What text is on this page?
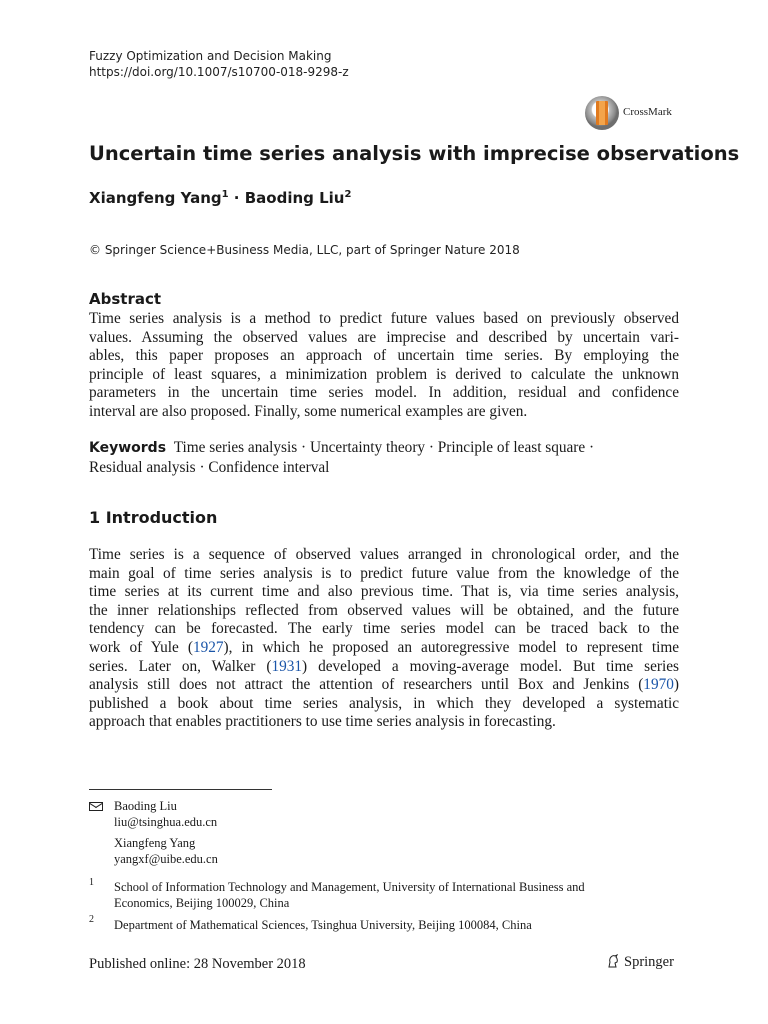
Fuzzy Optimization and Decision Making
https://doi.org/10.1007/s10700-018-9298-z
CrossMark
Uncertain time series analysis with imprecise observations
Xiangfeng Yang$^1$ · Baoding Liu$^2$
© Springer Science+Business Media, LLC, part of Springer Nature 2018
Abstract
Time series analysis is a method to predict future values based on previously observed
values. Assuming the observed values are imprecise and described by uncertain vari-
ables, this paper proposes an approach of uncertain time series. By employing the
principle of least squares, a minimization problem is derived to calculate the unknown
parameters in the uncertain time series model. In addition, residual and confidence
interval are also proposed. Finally, some numerical examples are given.
Keywords Time series analysis · Uncertainty theory · Principle of least square ·
Residual analysis · Confidence interval
1 Introduction
Time series is a sequence of observed values arranged in chronological order, and the
main goal of time series analysis is to predict future value from the knowledge of the
time series at its current time and also previous time. That is, via time series analysis,
the inner relationships reflected from observed values will be obtained, and the future
tendency can be forecasted. The early time series model can be traced back to the
work of Yule (1927), in which he proposed an autoregressive model to represent time
series. Later on, Walker (1931) developed a moving-average model. But time series
analysis still does not attract the attention of researchers until Box and Jenkins (1970)
published a book about time series analysis, in which they developed a systematic
approach that enables practitioners to use time series analysis in forecasting.
Baoding Liu
liu@tsinghua.edu.cn
Xiangfeng Yang
yangxf@uibe.edu.cn
1 School of Information Technology and Management, University of International Business and
Economics, Beijing 100029, China
2 Department of Mathematical Sciences, Tsinghua University, Beijing 100084, China
Published online: 28 November 2018	Springer
